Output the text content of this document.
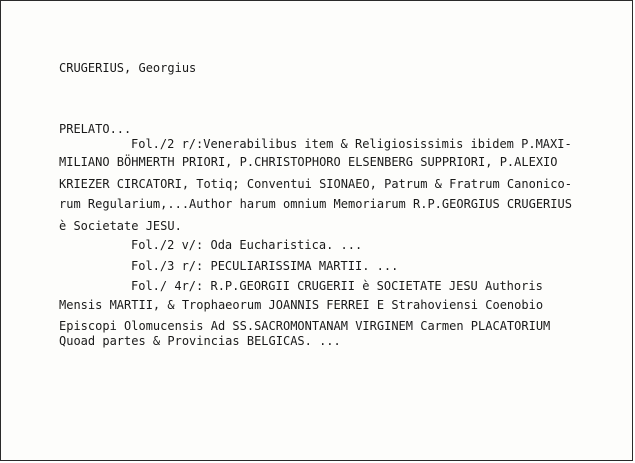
CRUGERIUS, Georgius
PRELATO...
Fol./2 r/:Venerabilibus item & Religiosissimis ibidem P.MAXI-
MILIANO BÖHMERTH PRIORI, P.CHRISTOPHORO ELSENBERG SUPPRIORI, P.ALEXIO
KRIEZER CIRCATORI, Totiq; Conventui SIONAEO, Patrum & Fratrum Canonico-
rum Regularium,...Author harum omnium Memoriarum R.P.GEORGIUS CRUGERIUS
è Societate JESU.
Fol./2 v/: Oda Eucharistica. ...
Fol./3 r/: PECULIARISSIMA MARTII. ...
Fol./ 4r/: R.P.GEORGII CRUGERII è SOCIETATE JESU Authoris
Mensis MARTII, & Trophaeorum JOANNIS FERREI E Strahoviensi Coenobio
Episcopi Olomucensis Ad SS.SACROMONTANAM VIRGINEM Carmen PLACATORIUM
Quoad partes & Provincias BELGICAS. ...
